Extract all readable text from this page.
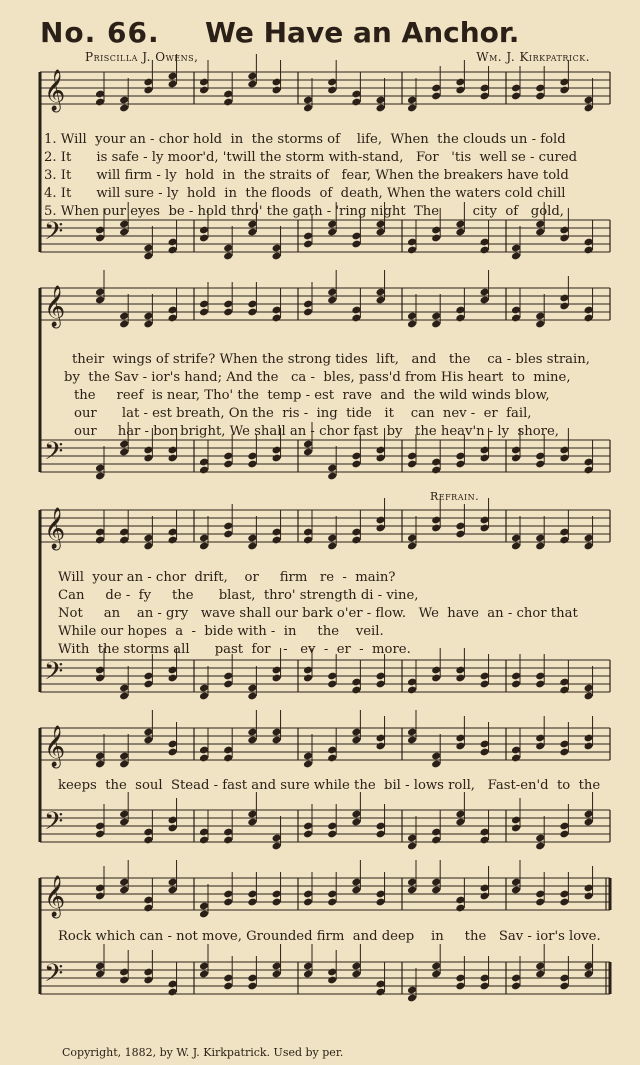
No. 66. We Have an Anchor.
Priscilla J. Owens,	Wm. J. Kirkpatrick.
𝄞
𝄢
𝄞
𝄢
𝄞
𝄢
𝄞
𝄢
𝄞
𝄢
1. Will  your an - chor hold  in  the storms of    life,  When  the clouds un - fold
2. It      is safe - ly moor'd, 'twill the storm with-stand,   For   'tis  well se - cured
3. It      will firm - ly  hold  in  the straits of   fear, When the breakers have told
4. It      will sure - ly  hold  in  the floods  of  death, When the waters cold chill
5. When our eyes  be - hold thro' the gath - 'ring night  The        city  of   gold,
their  wings of strife? When the strong tides  lift,   and   the    ca - bles strain,
by  the Sav - ior's hand; And the   ca -  bles, pass'd from His heart  to  mine,
the     reef  is near, Tho' the  temp - est  rave  and  the wild winds blow,
our      lat - est breath, On the  ris -  ing  tide   it    can  nev -  er  fail,
our     har - bor bright, We shall an - chor fast  by   the heav'n - ly  shore,
Refrain.
Will  your an - chor  drift,    or     firm   re  -  main?
Can     de -  fy     the      blast,  thro' strength di - vine,
Not     an    an - gry   wave shall our bark o'er - flow.   We  have  an - chor that
While our hopes  a  -  bide with -  in     the    veil.
With  the storms all      past  for   -   ev  -  er  -  more.
keeps  the  soul  Stead - fast and sure while the  bil - lows roll,   Fast-en'd  to  the
Rock which can - not move, Grounded firm  and deep    in     the   Sav - ior's love.
Copyright, 1882, by W. J. Kirkpatrick. Used by per.
